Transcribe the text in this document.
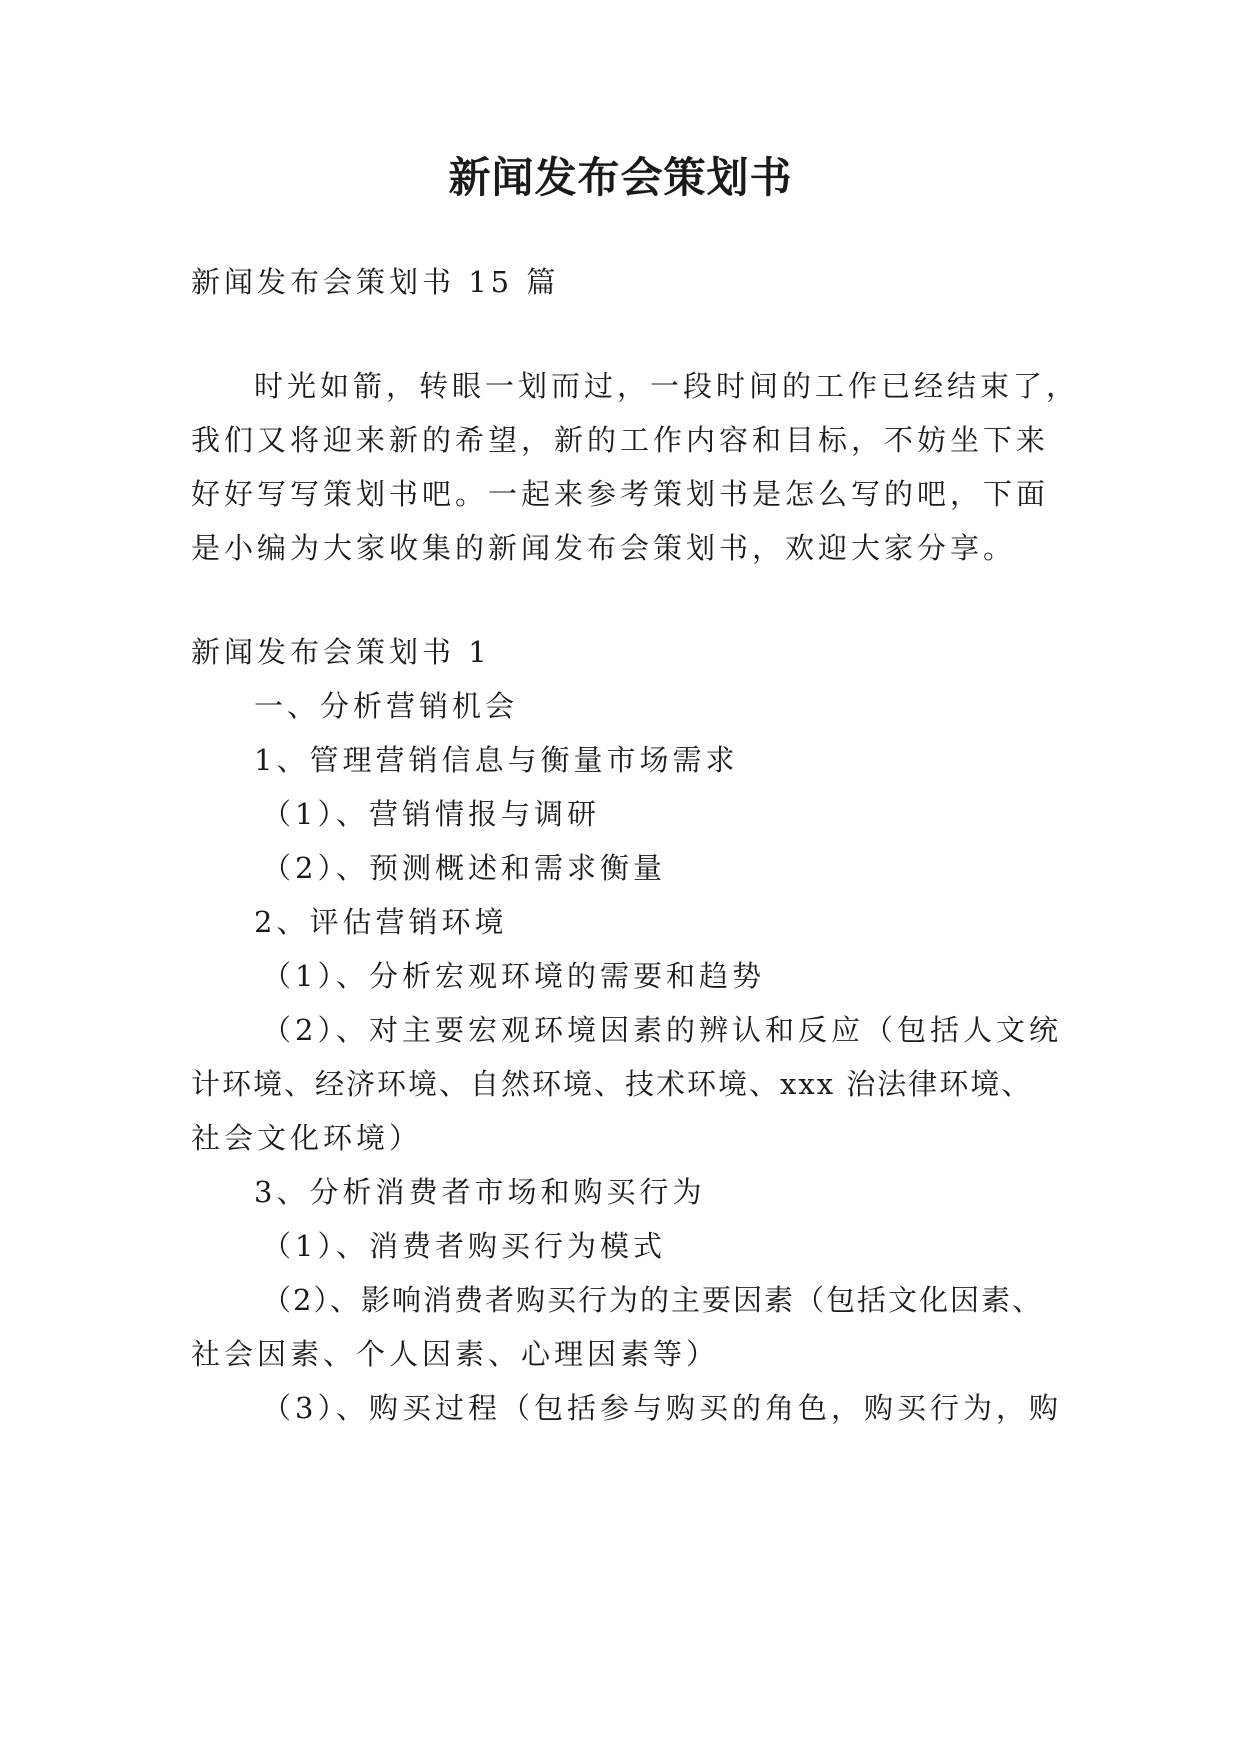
新闻发布会策划书
新闻发布会策划书 15 篇
时光如箭，转眼一划而过，一段时间的工作已经结束了，
我们又将迎来新的希望，新的工作内容和目标，不妨坐下来
好好写写策划书吧。一起来参考策划书是怎么写的吧，下面
是小编为大家收集的新闻发布会策划书，欢迎大家分享。
新闻发布会策划书 1
一、分析营销机会
1、管理营销信息与衡量市场需求
（1）、营销情报与调研
（2）、预测概述和需求衡量
2、评估营销环境
（1）、分析宏观环境的需要和趋势
（2）、对主要宏观环境因素的辨认和反应（包括人文统
计环境、经济环境、自然环境、技术环境、xxx 治法律环境、
社会文化环境）
3、分析消费者市场和购买行为
（1）、消费者购买行为模式
（2）、影响消费者购买行为的主要因素（包括文化因素、
社会因素、个人因素、心理因素等）
（3）、购买过程（包括参与购买的角色，购买行为，购
